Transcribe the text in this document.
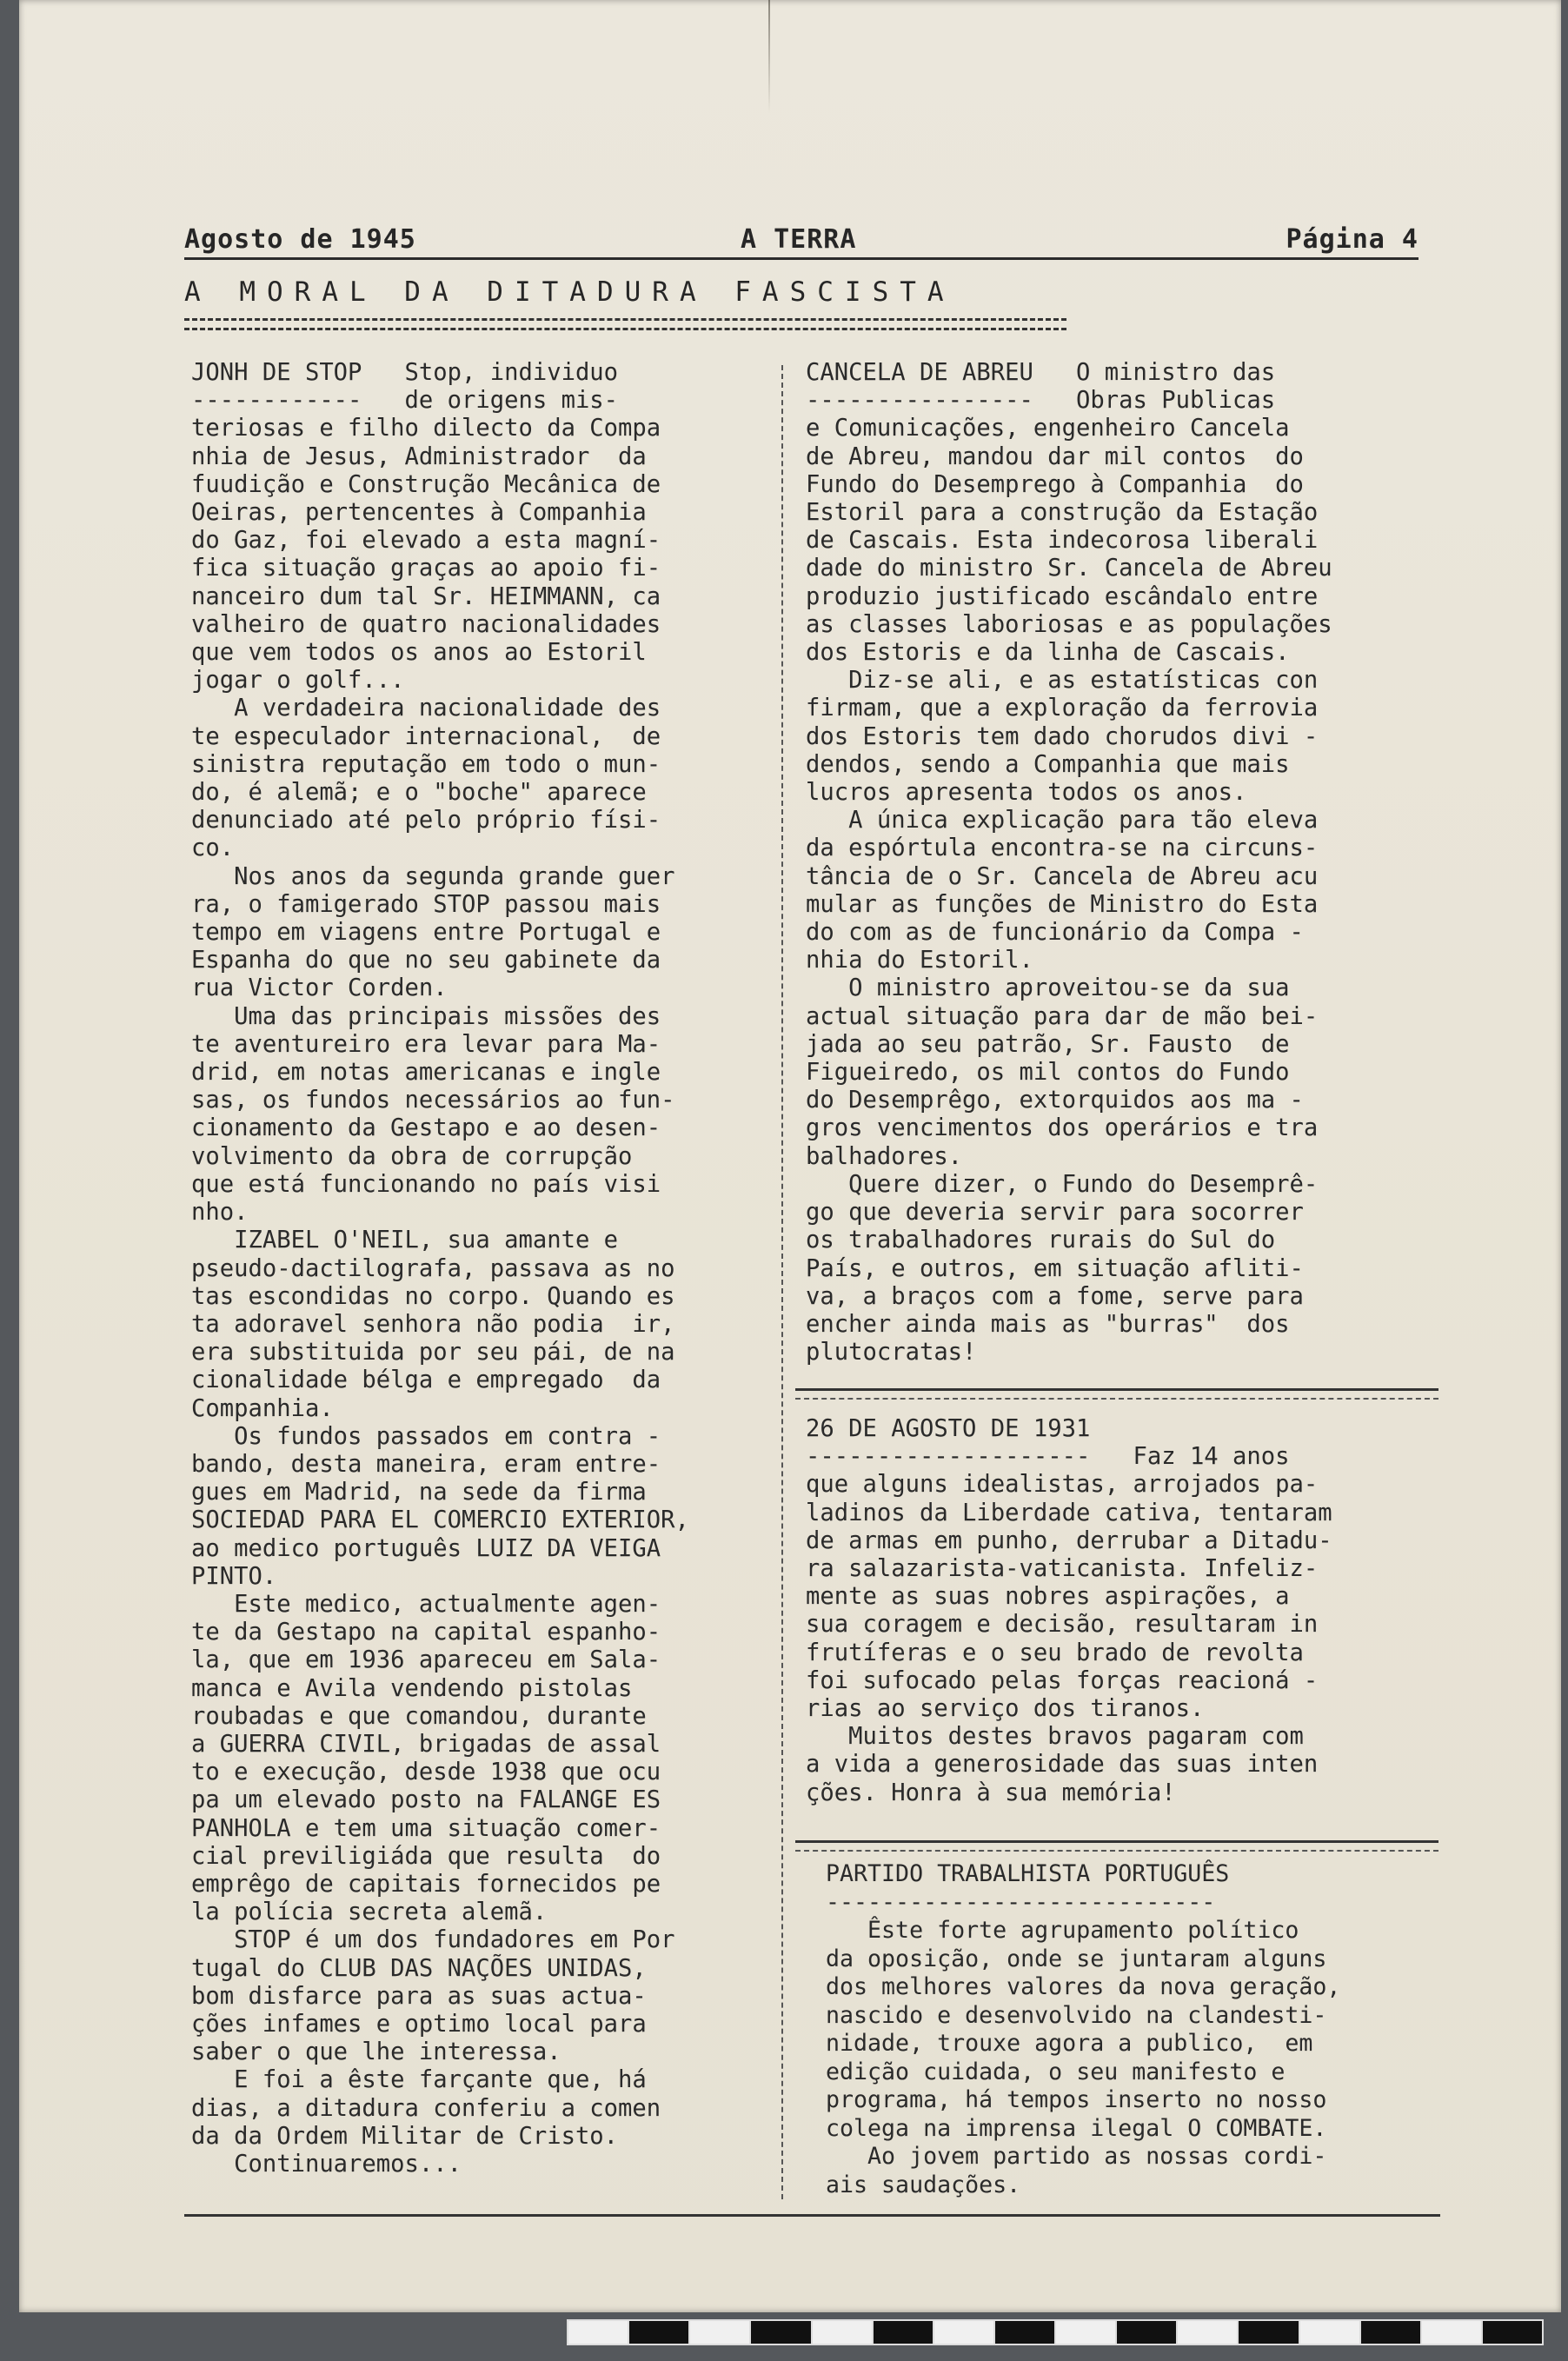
Agosto de 1945	A TERRA	Página 4
A MORAL DA DITADURA FASCISTA
JONH DE STOP   Stop, individuo
------------   de origens mis-
teriosas e filho dilecto da Compa
nhia de Jesus, Administrador  da
fuudição e Construção Mecânica de
Oeiras, pertencentes à Companhia
do Gaz, foi elevado a esta magní-
fica situação graças ao apoio fi-
nanceiro dum tal Sr. HEIMMANN, ca
valheiro de quatro nacionalidades
que vem todos os anos ao Estoril
jogar o golf...
A verdadeira nacionalidade des
te especulador internacional,  de
sinistra reputação em todo o mun-
do, é alemã; e o "boche" aparece
denunciado até pelo próprio físi-
co.
Nos anos da segunda grande guer
ra, o famigerado STOP passou mais
tempo em viagens entre Portugal e
Espanha do que no seu gabinete da
rua Victor Corden.
Uma das principais missões des
te aventureiro era levar para Ma-
drid, em notas americanas e ingle
sas, os fundos necessários ao fun-
cionamento da Gestapo e ao desen-
volvimento da obra de corrupção
que está funcionando no país visi
nho.
IZABEL O'NEIL, sua amante e
pseudo-dactilografa, passava as no
tas escondidas no corpo. Quando es
ta adoravel senhora não podia  ir,
era substituida por seu pái, de na
cionalidade bélga e empregado  da
Companhia.
Os fundos passados em contra -
bando, desta maneira, eram entre-
gues em Madrid, na sede da firma
SOCIEDAD PARA EL COMERCIO EXTERIOR,
ao medico português LUIZ DA VEIGA
PINTO.
Este medico, actualmente agen-
te da Gestapo na capital espanho-
la, que em 1936 apareceu em Sala-
manca e Avila vendendo pistolas
roubadas e que comandou, durante
a GUERRA CIVIL, brigadas de assal
to e execução, desde 1938 que ocu
pa um elevado posto na FALANGE ES
PANHOLA e tem uma situação comer-
cial previligiáda que resulta  do
emprêgo de capitais fornecidos pe
la polícia secreta alemã.
STOP é um dos fundadores em Por
tugal do CLUB DAS NAÇÕES UNIDAS,
bom disfarce para as suas actua-
ções infames e optimo local para
saber o que lhe interessa.
E foi a êste farçante que, há
dias, a ditadura conferiu a comen
da da Ordem Militar de Cristo.
Continuaremos...
CANCELA DE ABREU   O ministro das
----------------   Obras Publicas
e Comunicações, engenheiro Cancela
de Abreu, mandou dar mil contos  do
Fundo do Desemprego à Companhia  do
Estoril para a construção da Estação
de Cascais. Esta indecorosa liberali
dade do ministro Sr. Cancela de Abreu
produzio justificado escândalo entre
as classes laboriosas e as populações
dos Estoris e da linha de Cascais.
Diz-se ali, e as estatísticas con
firmam, que a exploração da ferrovia
dos Estoris tem dado chorudos divi -
dendos, sendo a Companhia que mais
lucros apresenta todos os anos.
A única explicação para tão eleva
da espórtula encontra-se na circuns-
tância de o Sr. Cancela de Abreu acu
mular as funções de Ministro do Esta
do com as de funcionário da Compa -
nhia do Estoril.
O ministro aproveitou-se da sua
actual situação para dar de mão bei-
jada ao seu patrão, Sr. Fausto  de
Figueiredo, os mil contos do Fundo
do Desemprêgo, extorquidos aos ma -
gros vencimentos dos operários e tra
balhadores.
Quere dizer, o Fundo do Desemprê-
go que deveria servir para socorrer
os trabalhadores rurais do Sul do
País, e outros, em situação afliti-
va, a braços com a fome, serve para
encher ainda mais as "burras"  dos
plutocratas!
26 DE AGOSTO DE 1931
--------------------   Faz 14 anos
que alguns idealistas, arrojados pa-
ladinos da Liberdade cativa, tentaram
de armas em punho, derrubar a Ditadu-
ra salazarista-vaticanista. Infeliz-
mente as suas nobres aspirações, a
sua coragem e decisão, resultaram in
frutíferas e o seu brado de revolta
foi sufocado pelas forças reacioná -
rias ao serviço dos tiranos.
Muitos destes bravos pagaram com
a vida a generosidade das suas inten
ções. Honra à sua memória!
PARTIDO TRABALHISTA PORTUGUÊS
----------------------------
Êste forte agrupamento político
da oposição, onde se juntaram alguns
dos melhores valores da nova geração,
nascido e desenvolvido na clandesti-
nidade, trouxe agora a publico,  em
edição cuidada, o seu manifesto e
programa, há tempos inserto no nosso
colega na imprensa ilegal O COMBATE.
Ao jovem partido as nossas cordi-
ais saudações.
